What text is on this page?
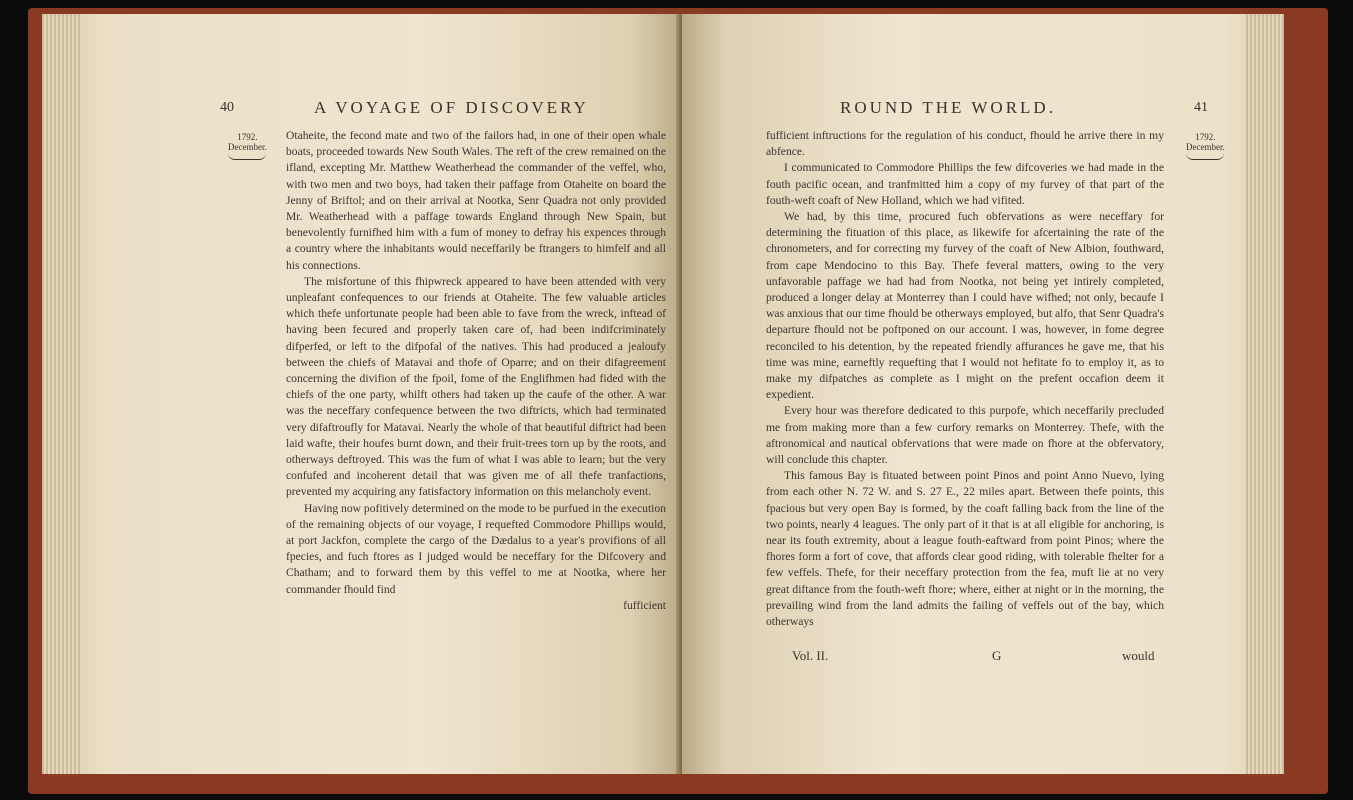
40	A VOYAGE OF DISCOVERY
1792.
December.

Otaheite, the fecond mate and two of the failors had, in one of their open whale boats, proceeded towards New South Wales. The reft of the crew remained on the ifland, excepting Mr. Matthew Weatherhead the commander of the veffel, who, with two men and two boys, had taken their paffage from Otaheite on board the Jenny of Briftol; and on their arrival at Nootka, Senr Quadra not only provided Mr. Weatherhead with a paffage towards England through New Spain, but benevolently furnifhed him with a fum of money to defray his expences through a country where the inhabitants would neceffarily be ftrangers to himfelf and all his connections.

The misfortune of this fhipwreck appeared to have been attended with very unpleafant confequences to our friends at Otaheite. The few valuable articles which thefe unfortunate people had been able to fave from the wreck, inftead of having been fecured and properly taken care of, had been indifcriminately difperfed, or left to the difpofal of the natives. This had produced a jealoufy between the chiefs of Matavai and thofe of Oparre; and on their difagreement concerning the divifion of the fpoil, fome of the Englifhmen had fided with the chiefs of the one party, whilft others had taken up the caufe of the other. A war was the neceffary confequence between the two diftricts, which had terminated very difaftroufly for Matavai. Nearly the whole of that beautiful diftrict had been laid wafte, their houfes burnt down, and their fruit-trees torn up by the roots, and otherways deftroyed. This was the fum of what I was able to learn; but the very confufed and incoherent detail that was given me of all thefe tranfactions, prevented my acquiring any fatisfactory information on this melancholy event.

Having now pofitively determined on the mode to be purfued in the execution of the remaining objects of our voyage, I requefted Commodore Phillips would, at port Jackfon, complete the cargo of the Dædalus to a year's provifions of all fpecies, and fuch ftores as I judged would be neceffary for the Difcovery and Chatham; and to forward them by this veffel to me at Nootka, where her commander fhould find

fufficient

ROUND THE WORLD.	41
1792.
December.

fufficient inftructions for the regulation of his conduct, fhould he arrive there in my abfence.

I communicated to Commodore Phillips the few difcoveries we had made in the fouth pacific ocean, and tranfmitted him a copy of my furvey of that part of the fouth-weft coaft of New Holland, which we had vifited.

We had, by this time, procured fuch obfervations as were neceffary for determining the fituation of this place, as likewife for afcertaining the rate of the chronometers, and for correcting my furvey of the coaft of New Albion, fouthward, from cape Mendocino to this Bay. Thefe feveral matters, owing to the very unfavorable paffage we had had from Nootka, not being yet intirely completed, produced a longer delay at Monterrey than I could have wifhed; not only, becaufe I was anxious that our time fhould be otherways employed, but alfo, that Senr Quadra's departure fhould not be poftponed on our account. I was, however, in fome degree reconciled to his detention, by the repeated friendly affurances he gave me, that his time was mine, earneftly requefting that I would not hefitate fo to employ it, as to make my difpatches as complete as I might on the prefent occafion deem it expedient.

Every hour was therefore dedicated to this purpofe, which neceffarily precluded me from making more than a few curfory remarks on Monterrey. Thefe, with the aftronomical and nautical obfervations that were made on fhore at the obfervatory, will conclude this chapter.

This famous Bay is fituated between point Pinos and point Anno Nuevo, lying from each other N. 72 W. and S. 27 E., 22 miles apart. Between thefe points, this fpacious but very open Bay is formed, by the coaft falling back from the line of the two points, nearly 4 leagues. The only part of it that is at all eligible for anchoring, is near its fouth extremity, about a league fouth-eaftward from point Pinos; where the fhores form a fort of cove, that affords clear good riding, with tolerable fhelter for a few veffels. Thefe, for their neceffary protection from the fea, muft lie at no very great diftance from the fouth-weft fhore; where, either at night or in the morning, the prevailing wind from the land admits the failing of veffels out of the bay, which otherways

Vol. II.	G	would
